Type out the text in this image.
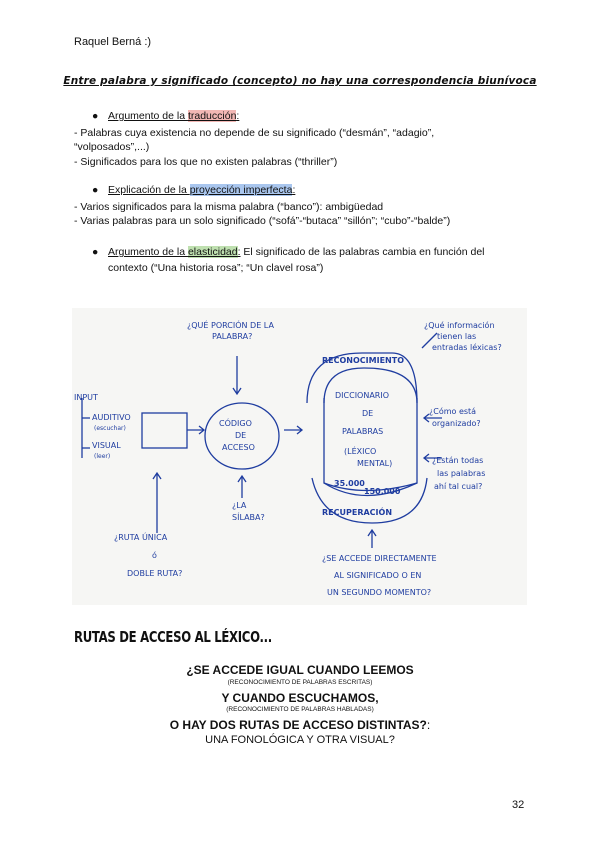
Raquel Berná :)
Entre palabra y significado (concepto) no hay una correspondencia biunívoca
● Argumento de la traducción:
- Palabras cuya existencia no depende de su significado (“desmán”, “adagio”,
“volposados”,...)
- Significados para los que no existen palabras (“thriller”)
● Explicación de la proyección imperfecta:
- Varios significados para la misma palabra (“banco”): ambigüedad
- Varias palabras para un solo significado (“sofá”-“butaca” “sillón”; “cubo”-“balde”)
● Argumento de la elasticidad: El significado de las palabras cambia en función del
contexto (“Una historia rosa”; “Un clavel rosa”)
¿QUÉ PORCIÓN DE LA
PALABRA?
¿Qué información
tienen las
entradas léxicas?
RECONOCIMIENTO
DICCIONARIO
DE
PALABRAS
(LÉXICO
MENTAL)
35.000
150.000
RECUPERACIÓN
INPUT
AUDITIVO
(escuchar)
VISUAL
(leer)
CÓDIGO
DE
ACCESO
¿LA
SÍLABA?
¿Cómo está
organizado?
¿Están todas
las palabras
ahí tal cual?
¿RUTA ÚNICA
ó
DOBLE RUTA?
¿SE ACCEDE DIRECTAMENTE
AL SIGNIFICADO O EN
UN SEGUNDO MOMENTO?
RUTAS DE ACCESO AL LÉXICO...
¿SE ACCEDE IGUAL CUANDO LEEMOS
(RECONOCIMIENTO DE PALABRAS ESCRITAS)
Y CUANDO ESCUCHAMOS,
(RECONOCIMIENTO DE PALABRAS HABLADAS)
O HAY DOS RUTAS DE ACCESO DISTINTAS?:
UNA FONOLÓGICA Y OTRA VISUAL?
32
